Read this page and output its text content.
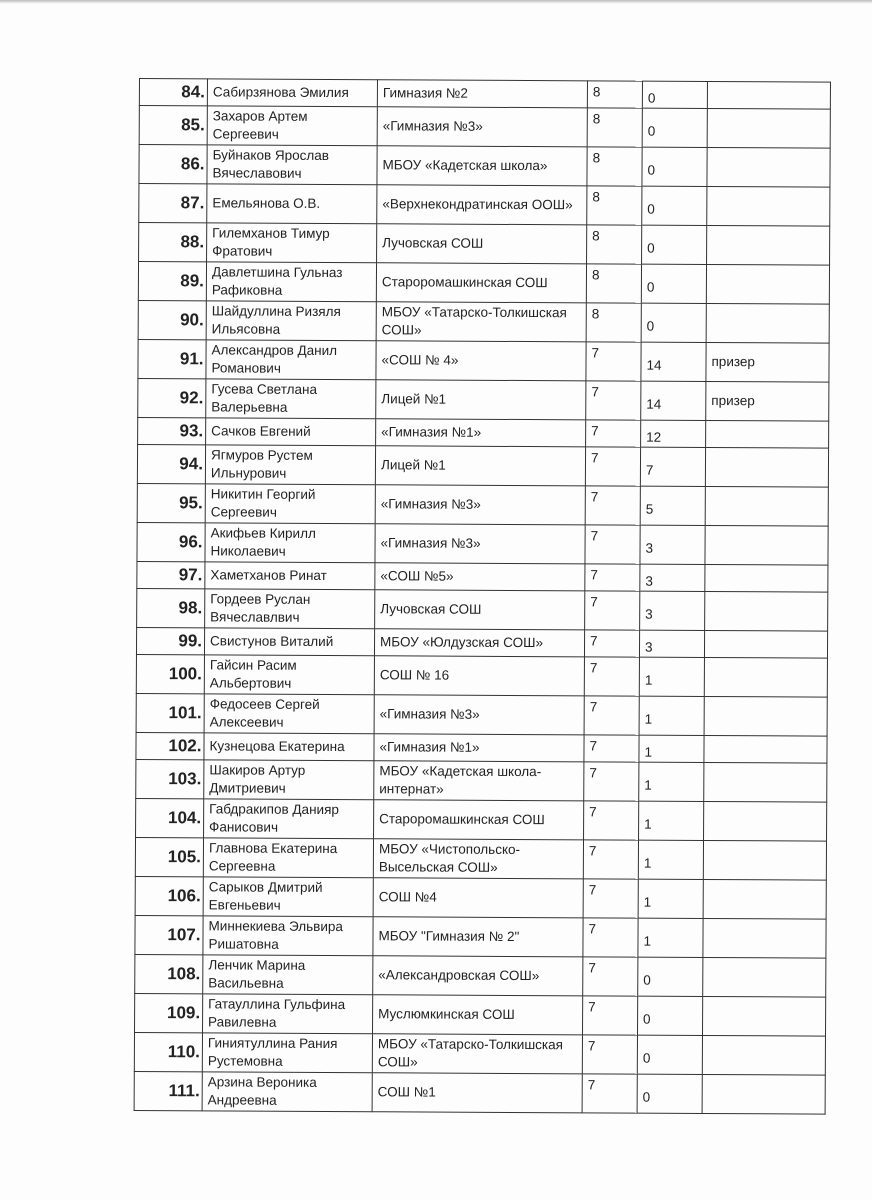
84.	Сабирзянова Эмилия	Гимназия №2	8	0	
85.	Захаров Артем Сергеевич	«Гимназия №3»	8	0	
86.	Буйнаков Ярослав Вячеславович	МБОУ «Кадетская школа»	8	0	
87.	Емельянова О.В.	«Верхнекондратинская ООШ»	8	0	
88.	Гилемханов Тимур Фратович	Лучовская СОШ	8	0	
89.	Давлетшина Гульназ Рафиковна	Староромашкинская СОШ	8	0	
90.	Шайдуллина Ризяля Ильясовна	МБОУ «Татарско-Толкишская СОШ»	8	0	
91.	Александров Данил Романович	«СОШ № 4»	7	14	призер
92.	Гусева Светлана Валерьевна	Лицей №1	7	14	призер
93.	Сачков Евгений	«Гимназия №1»	7	12	
94.	Ягмуров Рустем Ильнурович	Лицей №1	7	7	
95.	Никитин Георгий Сергеевич	«Гимназия №3»	7	5	
96.	Акифьев Кирилл Николаевич	«Гимназия №3»	7	3	
97.	Хаметханов Ринат	«СОШ №5»	7	3	
98.	Гордеев Руслан Вячеславлвич	Лучовская СОШ	7	3	
99.	Свистунов Виталий	МБОУ «Юлдузская СОШ»	7	3	
100.	Гайсин Расим Альбертович	СОШ № 16	7	1	
101.	Федосеев Сергей Алексеевич	«Гимназия №3»	7	1	
102.	Кузнецова Екатерина	«Гимназия №1»	7	1	
103.	Шакиров Артур Дмитриевич	МБОУ «Кадетская школа-интернат»	7	1	
104.	Габдракипов Данияр Фанисович	Староромашкинская СОШ	7	1	
105.	Главнова Екатерина Сергеевна	МБОУ «Чистопольско-Высельская СОШ»	7	1	
106.	Сарыков Дмитрий Евгеньевич	СОШ №4	7	1	
107.	Миннекиева Эльвира Ришатовна	МБОУ "Гимназия № 2"	7	1	
108.	Ленчик Марина Васильевна	«Александровская СОШ»	7	0	
109.	Гатауллина Гульфина Равилевна	Муслюмкинская СОШ	7	0	
110.	Гиниятуллина Рания Рустемовна	МБОУ «Татарско-Толкишская СОШ»	7	0	
111.	Арзина Вероника Андреевна	СОШ №1	7	0	
